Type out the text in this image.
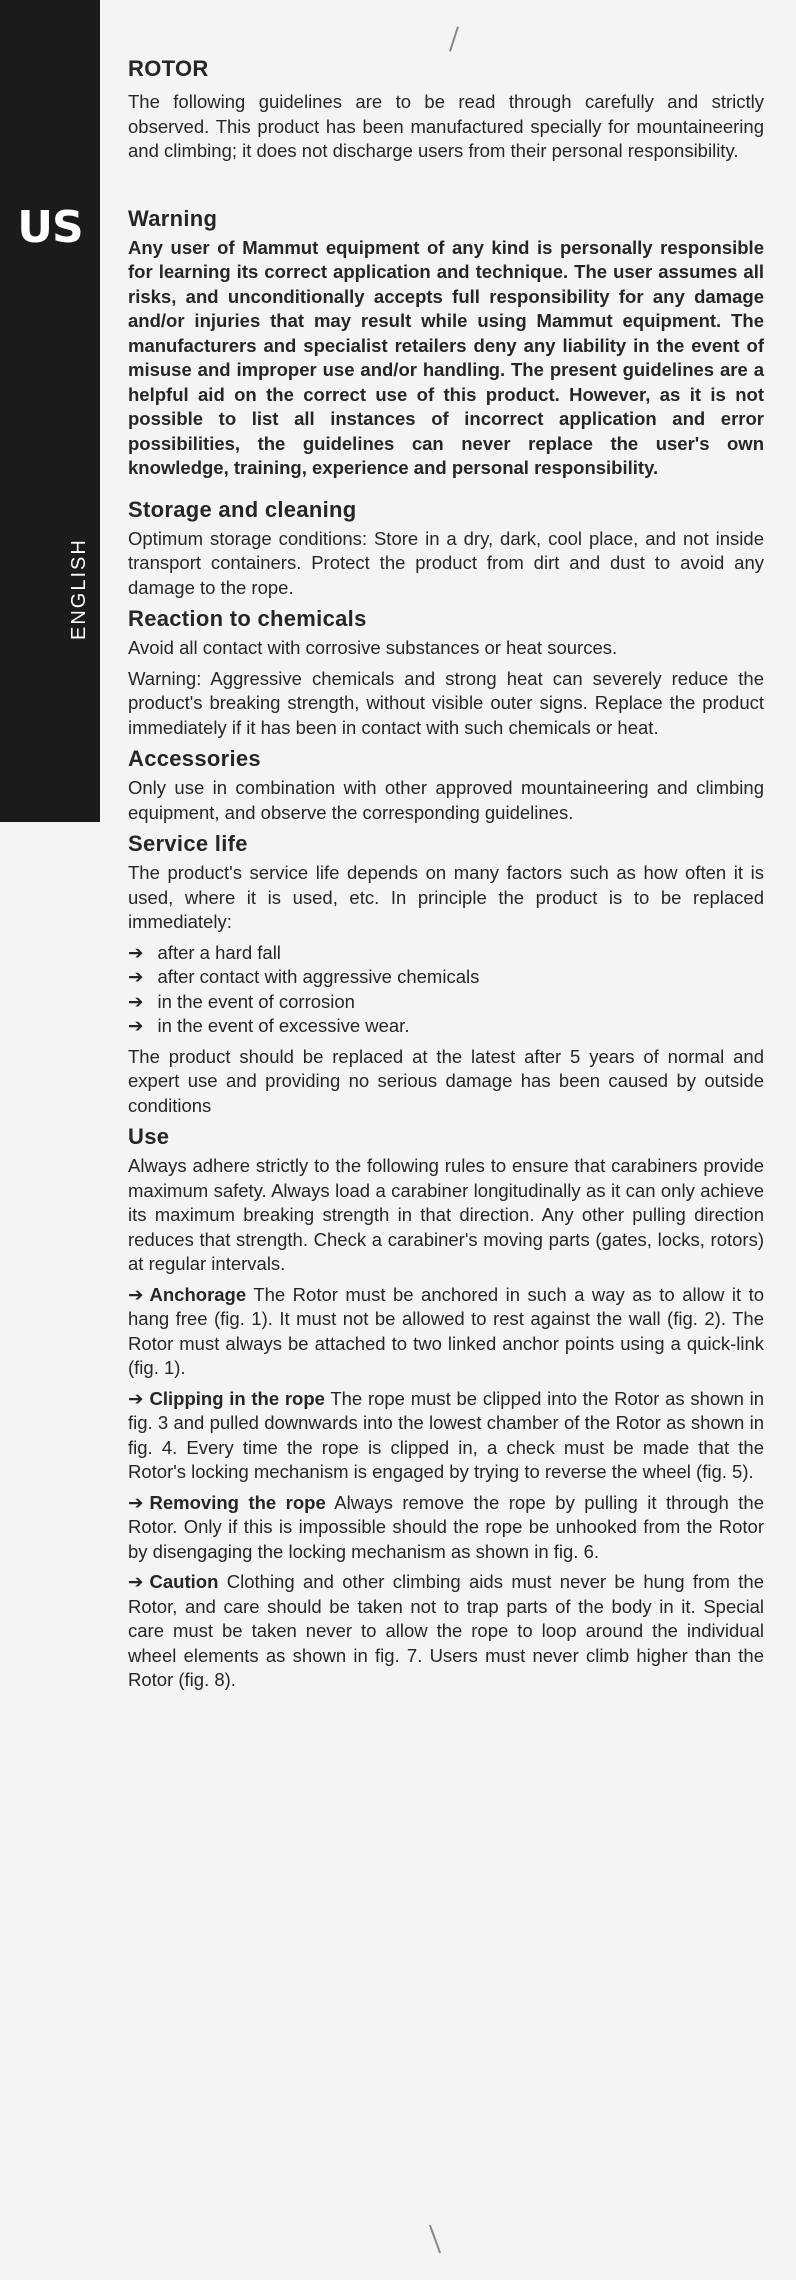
US
ENGLISH
ROTOR

The following guidelines are to be read through carefully and strictly observed. This product has been manufactured specially for mountaineering and climbing; it does not discharge users from their personal responsibility.

Warning

Any user of Mammut equipment of any kind is personally responsible for learning its correct application and technique. The user assumes all risks, and unconditionally accepts full responsibility for any damage and/or injuries that may result while using Mammut equipment. The manufacturers and specialist retailers deny any liability in the event of misuse and improper use and/or handling. The present guidelines are a helpful aid on the correct use of this product. However, as it is not possible to list all instances of incorrect application and error possibilities, the guidelines can never replace the user's own knowledge, training, experience and personal responsibility.

Storage and cleaning

Optimum storage conditions: Store in a dry, dark, cool place, and not inside transport containers. Protect the product from dirt and dust to avoid any damage to the rope.

Reaction to chemicals

Avoid all contact with corrosive substances or heat sources.

Warning: Aggressive chemicals and strong heat can severely reduce the product's breaking strength, without visible outer signs. Replace the product immediately if it has been in contact with such chemicals or heat.

Accessories

Only use in combination with other approved mountaineering and climbing equipment, and observe the corresponding guidelines.

Service life

The product's service life depends on many factors such as how often it is used, where it is used, etc. In principle the product is to be replaced immediately:

➔ after a hard fall
➔ after contact with aggressive chemicals
➔ in the event of corrosion
➔ in the event of excessive wear.

The product should be replaced at the latest after 5 years of normal and expert use and providing no serious damage has been caused by outside conditions

Use

Always adhere strictly to the following rules to ensure that carabiners provide maximum safety. Always load a carabiner longitudinally as it can only achieve its maximum breaking strength in that direction. Any other pulling direction reduces that strength. Check a carabiner's moving parts (gates, locks, rotors) at regular intervals.

➔ Anchorage The Rotor must be anchored in such a way as to allow it to hang free (fig. 1). It must not be allowed to rest against the wall (fig. 2). The Rotor must always be attached to two linked anchor points using a quick-link (fig. 1).

➔ Clipping in the rope The rope must be clipped into the Rotor as shown in fig. 3 and pulled downwards into the lowest chamber of the Rotor as shown in fig. 4. Every time the rope is clipped in, a check must be made that the Rotor's locking mechanism is engaged by trying to reverse the wheel (fig. 5).

➔ Removing the rope Always remove the rope by pulling it through the Rotor. Only if this is impossible should the rope be unhooked from the Rotor by disengaging the locking mechanism as shown in fig. 6.

➔ Caution Clothing and other climbing aids must never be hung from the Rotor, and care should be taken not to trap parts of the body in it. Special care must be taken never to allow the rope to loop around the individual wheel elements as shown in fig. 7. Users must never climb higher than the Rotor (fig. 8).
